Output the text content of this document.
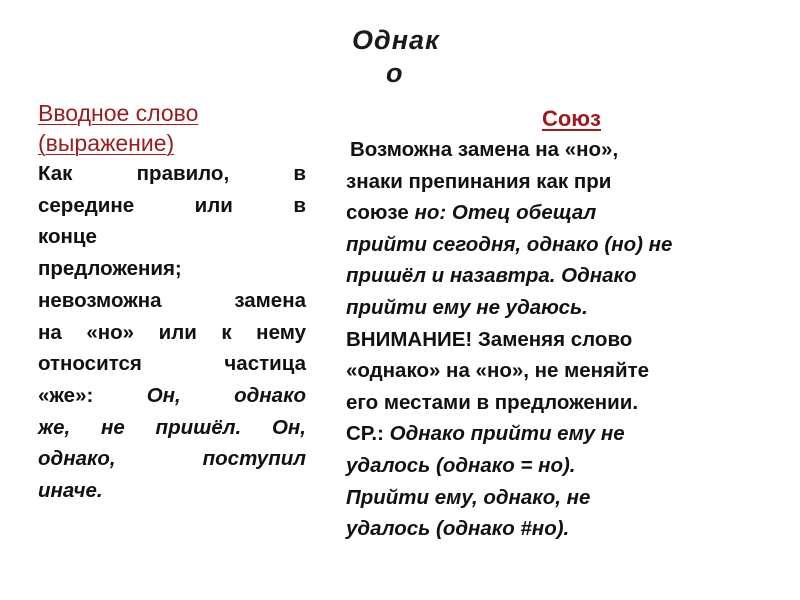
Однак
о
Вводное слово
(выражение)
Как правило, в
середине или в
конце
предложения;
невозможна замена
на «но» или к нему
относится частица
«же»: Он, однако
же, не пришёл. Он,
однако, поступил
иначе.
Союз
Возможна замена на «но»,
знаки препинания как при
союзе но: Отец обещал
прийти сегодня, однако (но) не
пришёл и назавтра. Однако
прийти ему не удаюсь.
ВНИМАНИЕ! Заменяя слово
«однако» на «но», не меняйте
его местами в предложении.
СР.: Однако прийти ему не
удалось (однако = но).
Прийти ему, однако, не
удалось (однако #но).
